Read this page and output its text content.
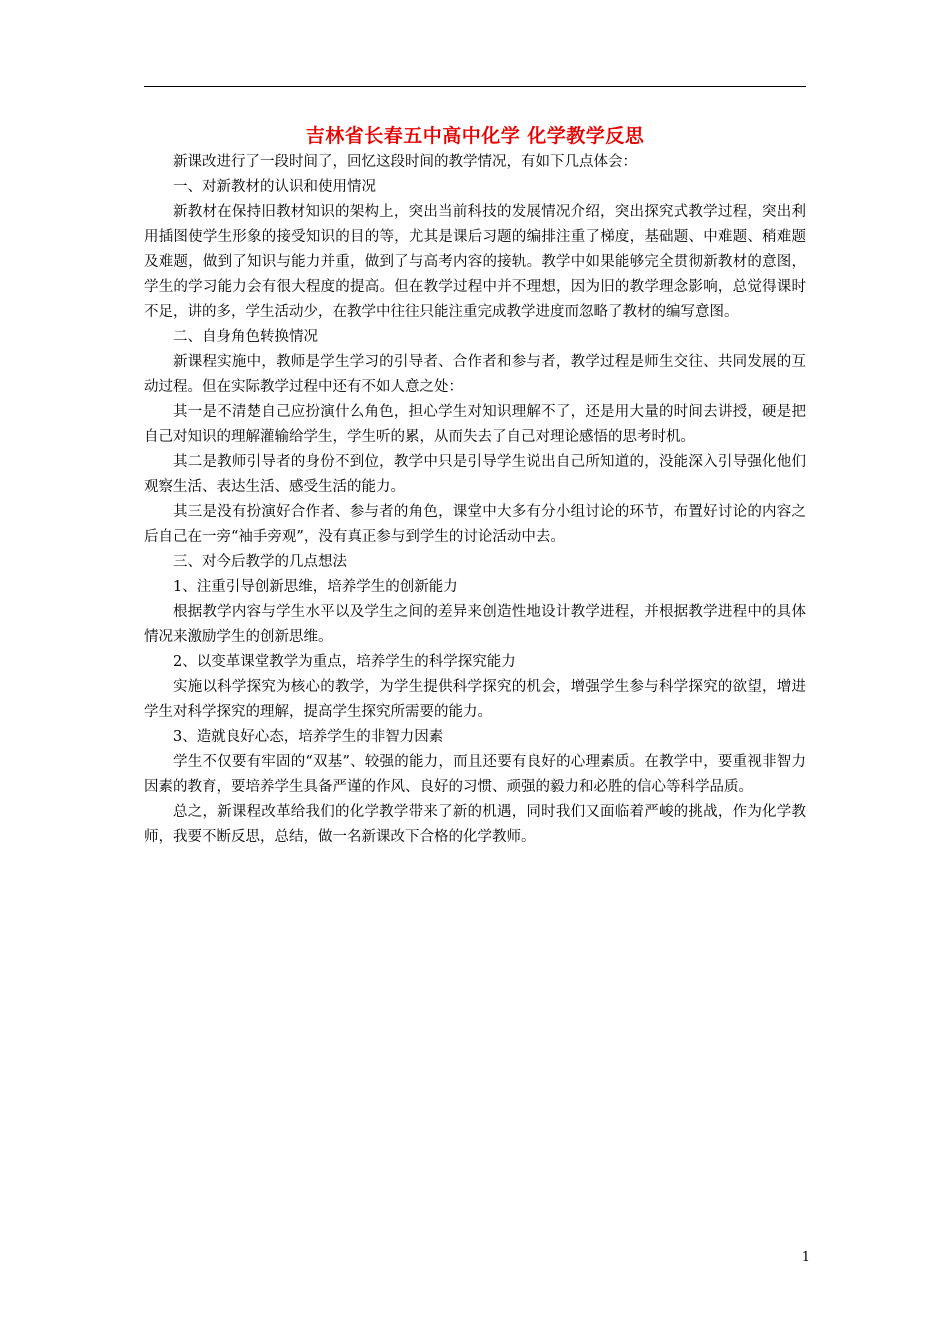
吉林省长春五中高中化学 化学教学反思

新课改进行了一段时间了，回忆这段时间的教学情况，有如下几点体会：

一、对新教材的认识和使用情况

新教材在保持旧教材知识的架构上，突出当前科技的发展情况介绍，突出探究式教学过程，突出利用插图使学生形象的接受知识的目的等，尤其是课后习题的编排注重了梯度，基础题、中难题、稍难题及难题，做到了知识与能力并重，做到了与高考内容的接轨。教学中如果能够完全贯彻新教材的意图，学生的学习能力会有很大程度的提高。但在教学过程中并不理想，因为旧的教学理念影响，总觉得课时不足，讲的多，学生活动少，在教学中往往只能注重完成教学进度而忽略了教材的编写意图。

二、自身角色转换情况

新课程实施中，教师是学生学习的引导者、合作者和参与者，教学过程是师生交往、共同发展的互动过程。但在实际教学过程中还有不如人意之处：

其一是不清楚自己应扮演什么角色，担心学生对知识理解不了，还是用大量的时间去讲授，硬是把自己对知识的理解灌输给学生，学生听的累，从而失去了自己对理论感悟的思考时机。

其二是教师引导者的身份不到位，教学中只是引导学生说出自己所知道的，没能深入引导强化他们观察生活、表达生活、感受生活的能力。

其三是没有扮演好合作者、参与者的角色，课堂中大多有分小组讨论的环节，布置好讨论的内容之后自己在一旁“袖手旁观”，没有真正参与到学生的讨论活动中去。

三、对今后教学的几点想法

1、注重引导创新思维，培养学生的创新能力

根据教学内容与学生水平以及学生之间的差异来创造性地设计教学进程，并根据教学进程中的具体情况来激励学生的创新思维。

2、以变革课堂教学为重点，培养学生的科学探究能力

实施以科学探究为核心的教学，为学生提供科学探究的机会，增强学生参与科学探究的欲望，增进学生对科学探究的理解，提高学生探究所需要的能力。

3、造就良好心态，培养学生的非智力因素

学生不仅要有牢固的“双基”、较强的能力，而且还要有良好的心理素质。在教学中，要重视非智力因素的教育，要培养学生具备严谨的作风、良好的习惯、顽强的毅力和必胜的信心等科学品质。

总之，新课程改革给我们的化学教学带来了新的机遇，同时我们又面临着严峻的挑战，作为化学教师，我要不断反思，总结，做一名新课改下合格的化学教师。

1
